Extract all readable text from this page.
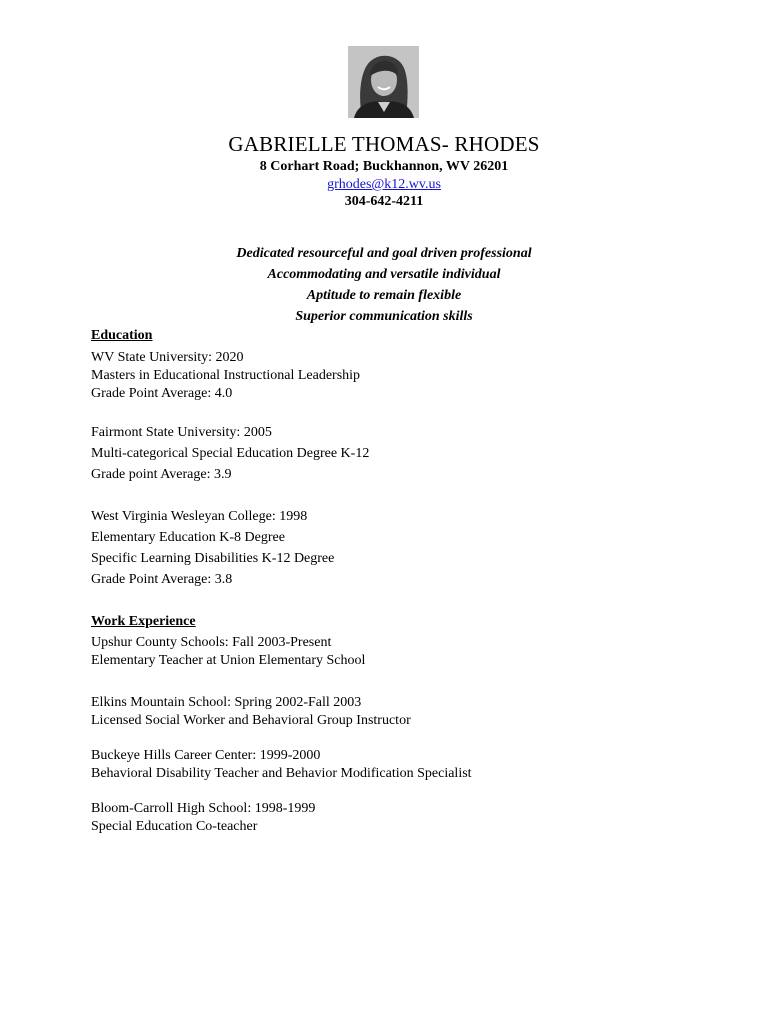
GABRIELLE THOMAS- RHODES
8 Corhart Road; Buckhannon, WV 26201
grhodes@k12.wv.us
304-642-4211
Dedicated resourceful and goal driven professional
Accommodating and versatile individual
Aptitude to remain flexible
Superior communication skills
Education
WV State University: 2020
Masters in Educational Instructional Leadership
Grade Point Average: 4.0
Fairmont State University: 2005
Multi-categorical Special Education Degree K-12
Grade point Average: 3.9
West Virginia Wesleyan College: 1998
Elementary Education K-8 Degree
Specific Learning Disabilities K-12 Degree
Grade Point Average: 3.8
Work Experience
Upshur County Schools: Fall 2003-Present
Elementary Teacher at Union Elementary School
Elkins Mountain School: Spring 2002-Fall 2003
Licensed Social Worker and Behavioral Group Instructor
Buckeye Hills Career Center: 1999-2000
Behavioral Disability Teacher and Behavior Modification Specialist
Bloom-Carroll High School: 1998-1999
Special Education Co-teacher
